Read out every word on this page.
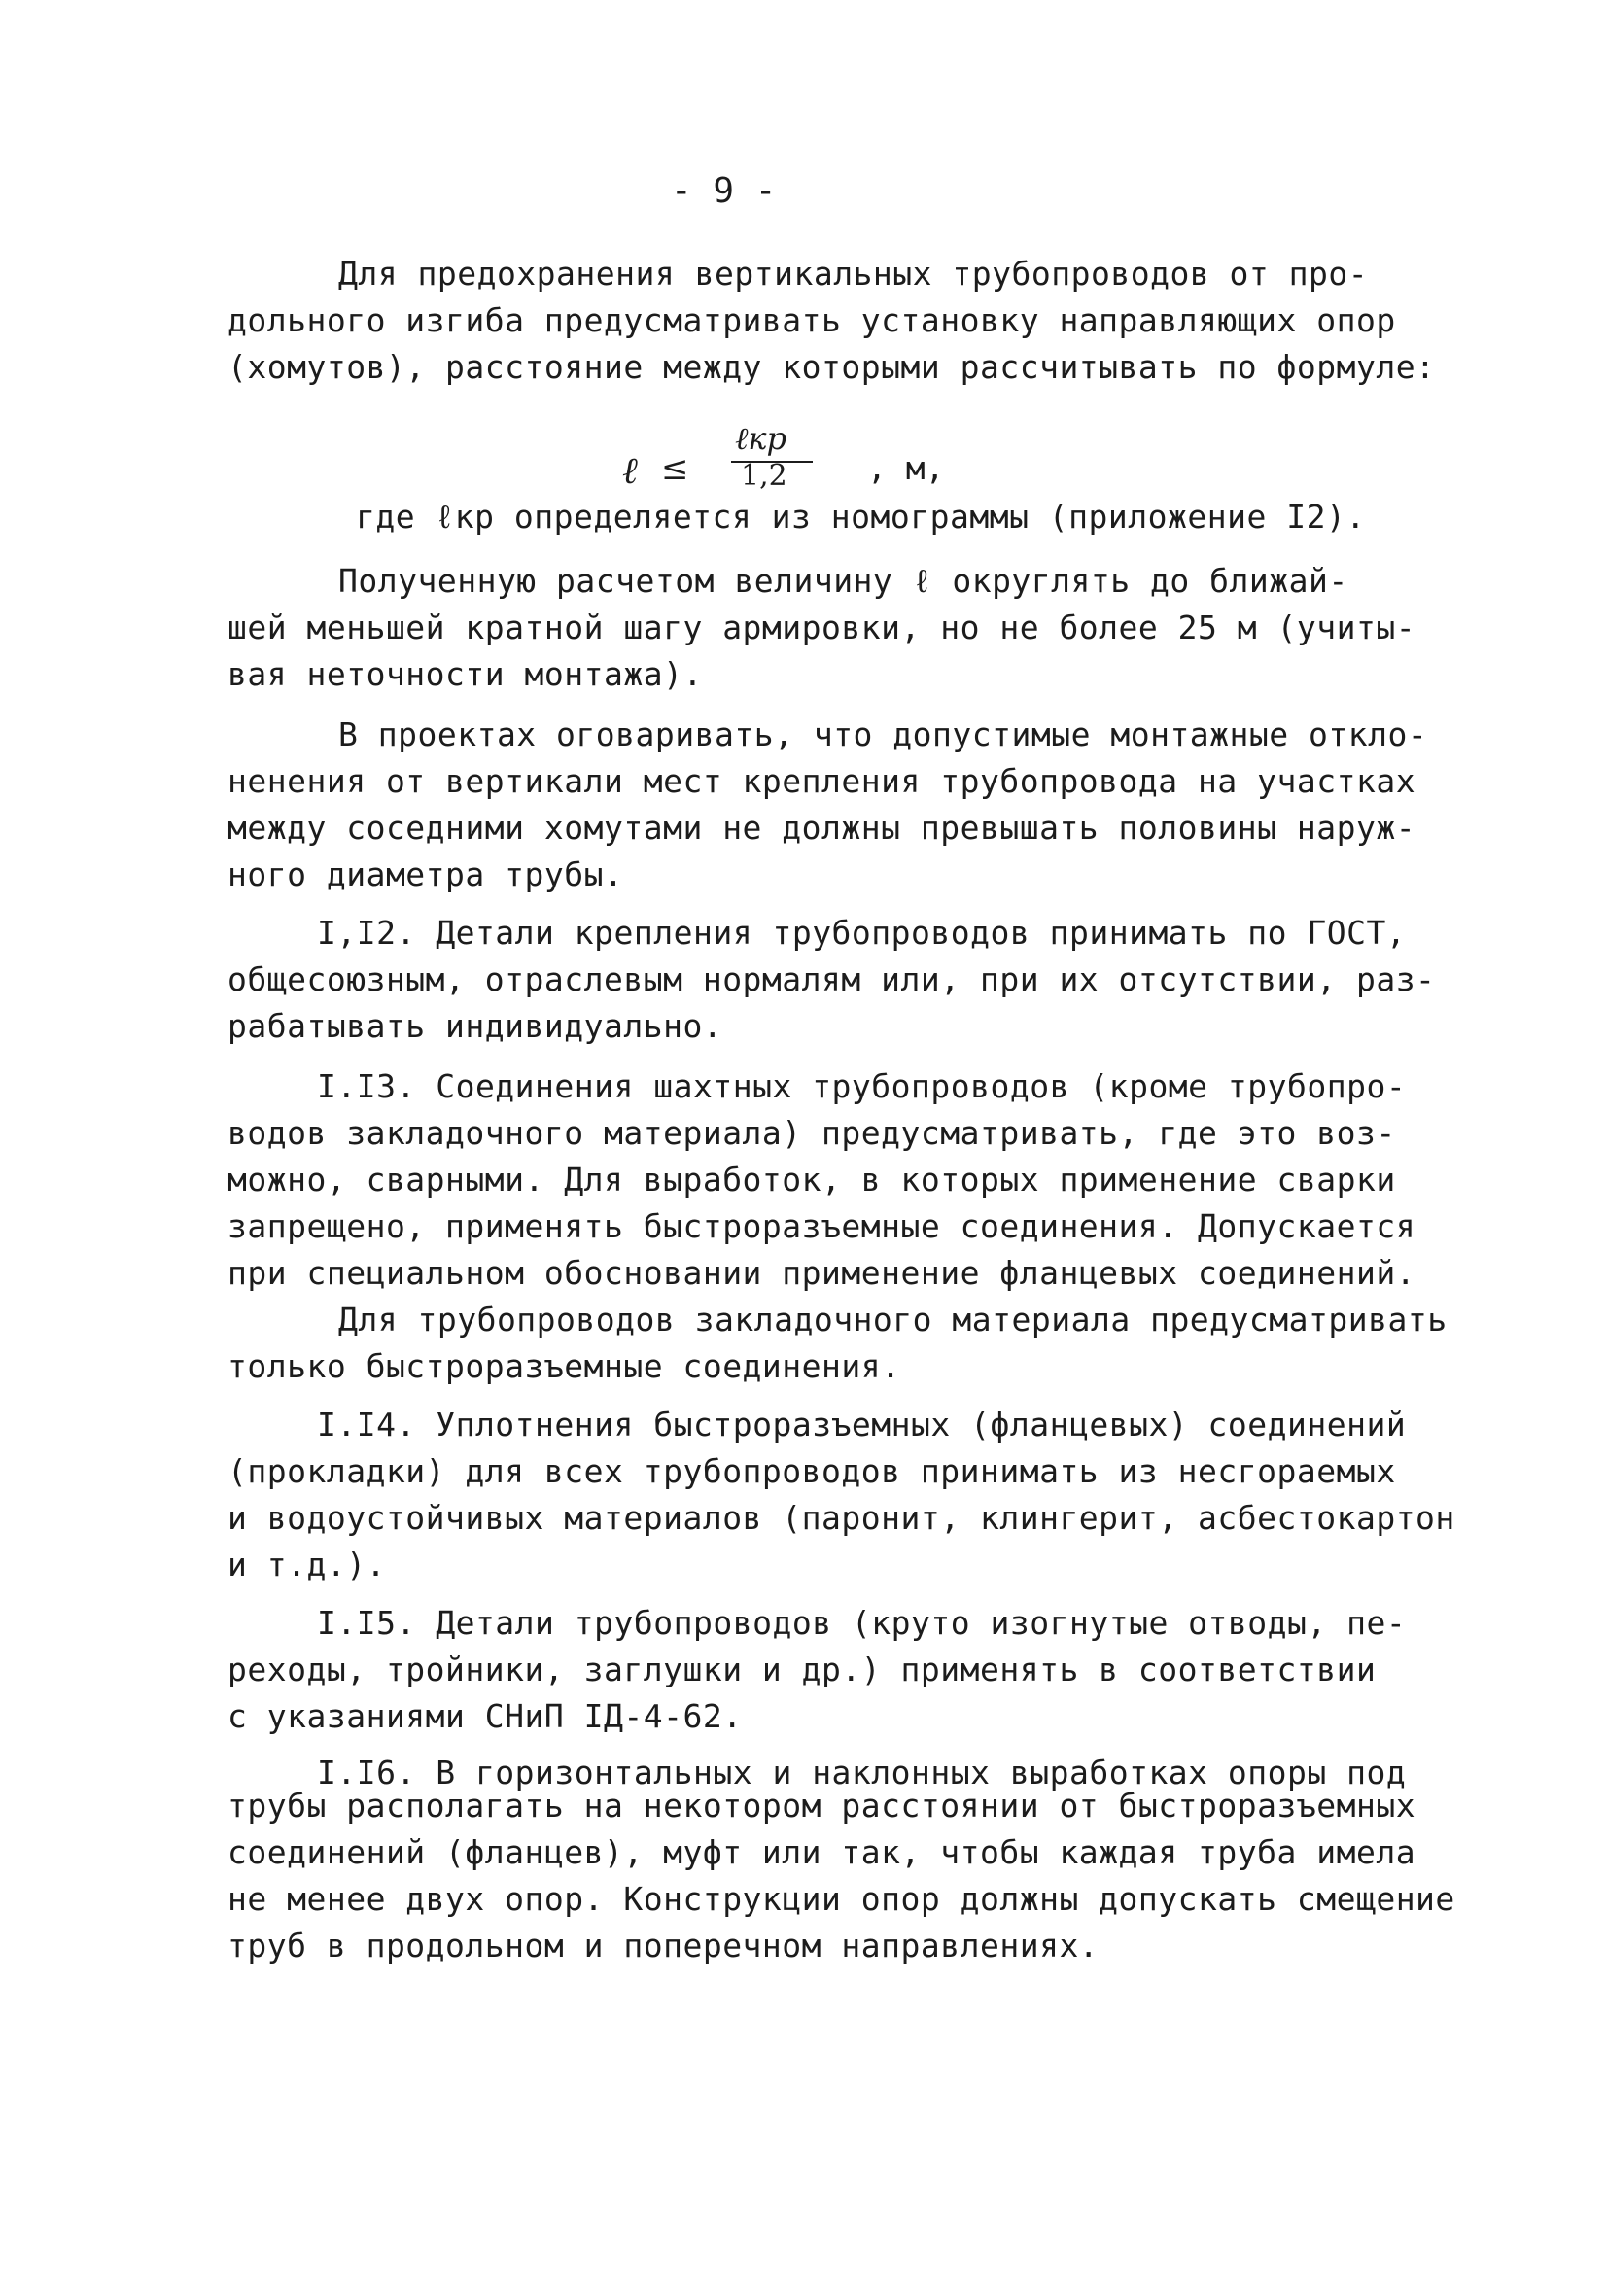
- 9 -
Для предохранения вертикальных трубопроводов от про-
дольного изгиба предусматривать установку направляющих опор
(хомутов), расстояние между которыми рассчитывать по формуле:
ℓ ≤
ℓкр
1,2 , м,
где ℓкр определяется из номограммы (приложение I2).
Полученную расчетом величину ℓ округлять до ближай-
шей меньшей кратной шагу армировки, но не более 25 м (учиты-
вая неточности монтажа).
В проектах оговаривать, что допустимые монтажные откло-
ненения от вертикали мест крепления трубопровода на участках
между соседними хомутами не должны превышать половины наруж-
ного диаметра трубы.
I,I2. Детали крепления трубопроводов принимать по ГОСТ,
общесоюзным, отраслевым нормалям или, при их отсутствии, раз-
рабатывать индивидуально.
I.I3. Соединения шахтных трубопроводов (кроме трубопро-
водов закладочного материала) предусматривать, где это воз-
можно, сварными. Для выработок, в которых применение сварки
запрещено, применять быстроразъемные соединения. Допускается
при специальном обосновании применение фланцевых соединений.
Для трубопроводов закладочного материала предусматривать
только быстроразъемные соединения.
I.I4. Уплотнения быстроразъемных (фланцевых) соединений
(прокладки) для всех трубопроводов принимать из несгораемых
и водоустойчивых материалов (паронит, клингерит, асбестокартон
и т.д.).
I.I5. Детали трубопроводов (круто изогнутые отводы, пе-
реходы, тройники, заглушки и др.) применять в соответствии
с указаниями СНиП IД-4-62.
I.I6. В горизонтальных и наклонных выработках опоры под
трубы располагать на некотором расстоянии от быстроразъемных
соединений (фланцев), муфт или так, чтобы каждая труба имела
не менее двух опор. Конструкции опор должны допускать смещение
труб в продольном и поперечном направлениях.
